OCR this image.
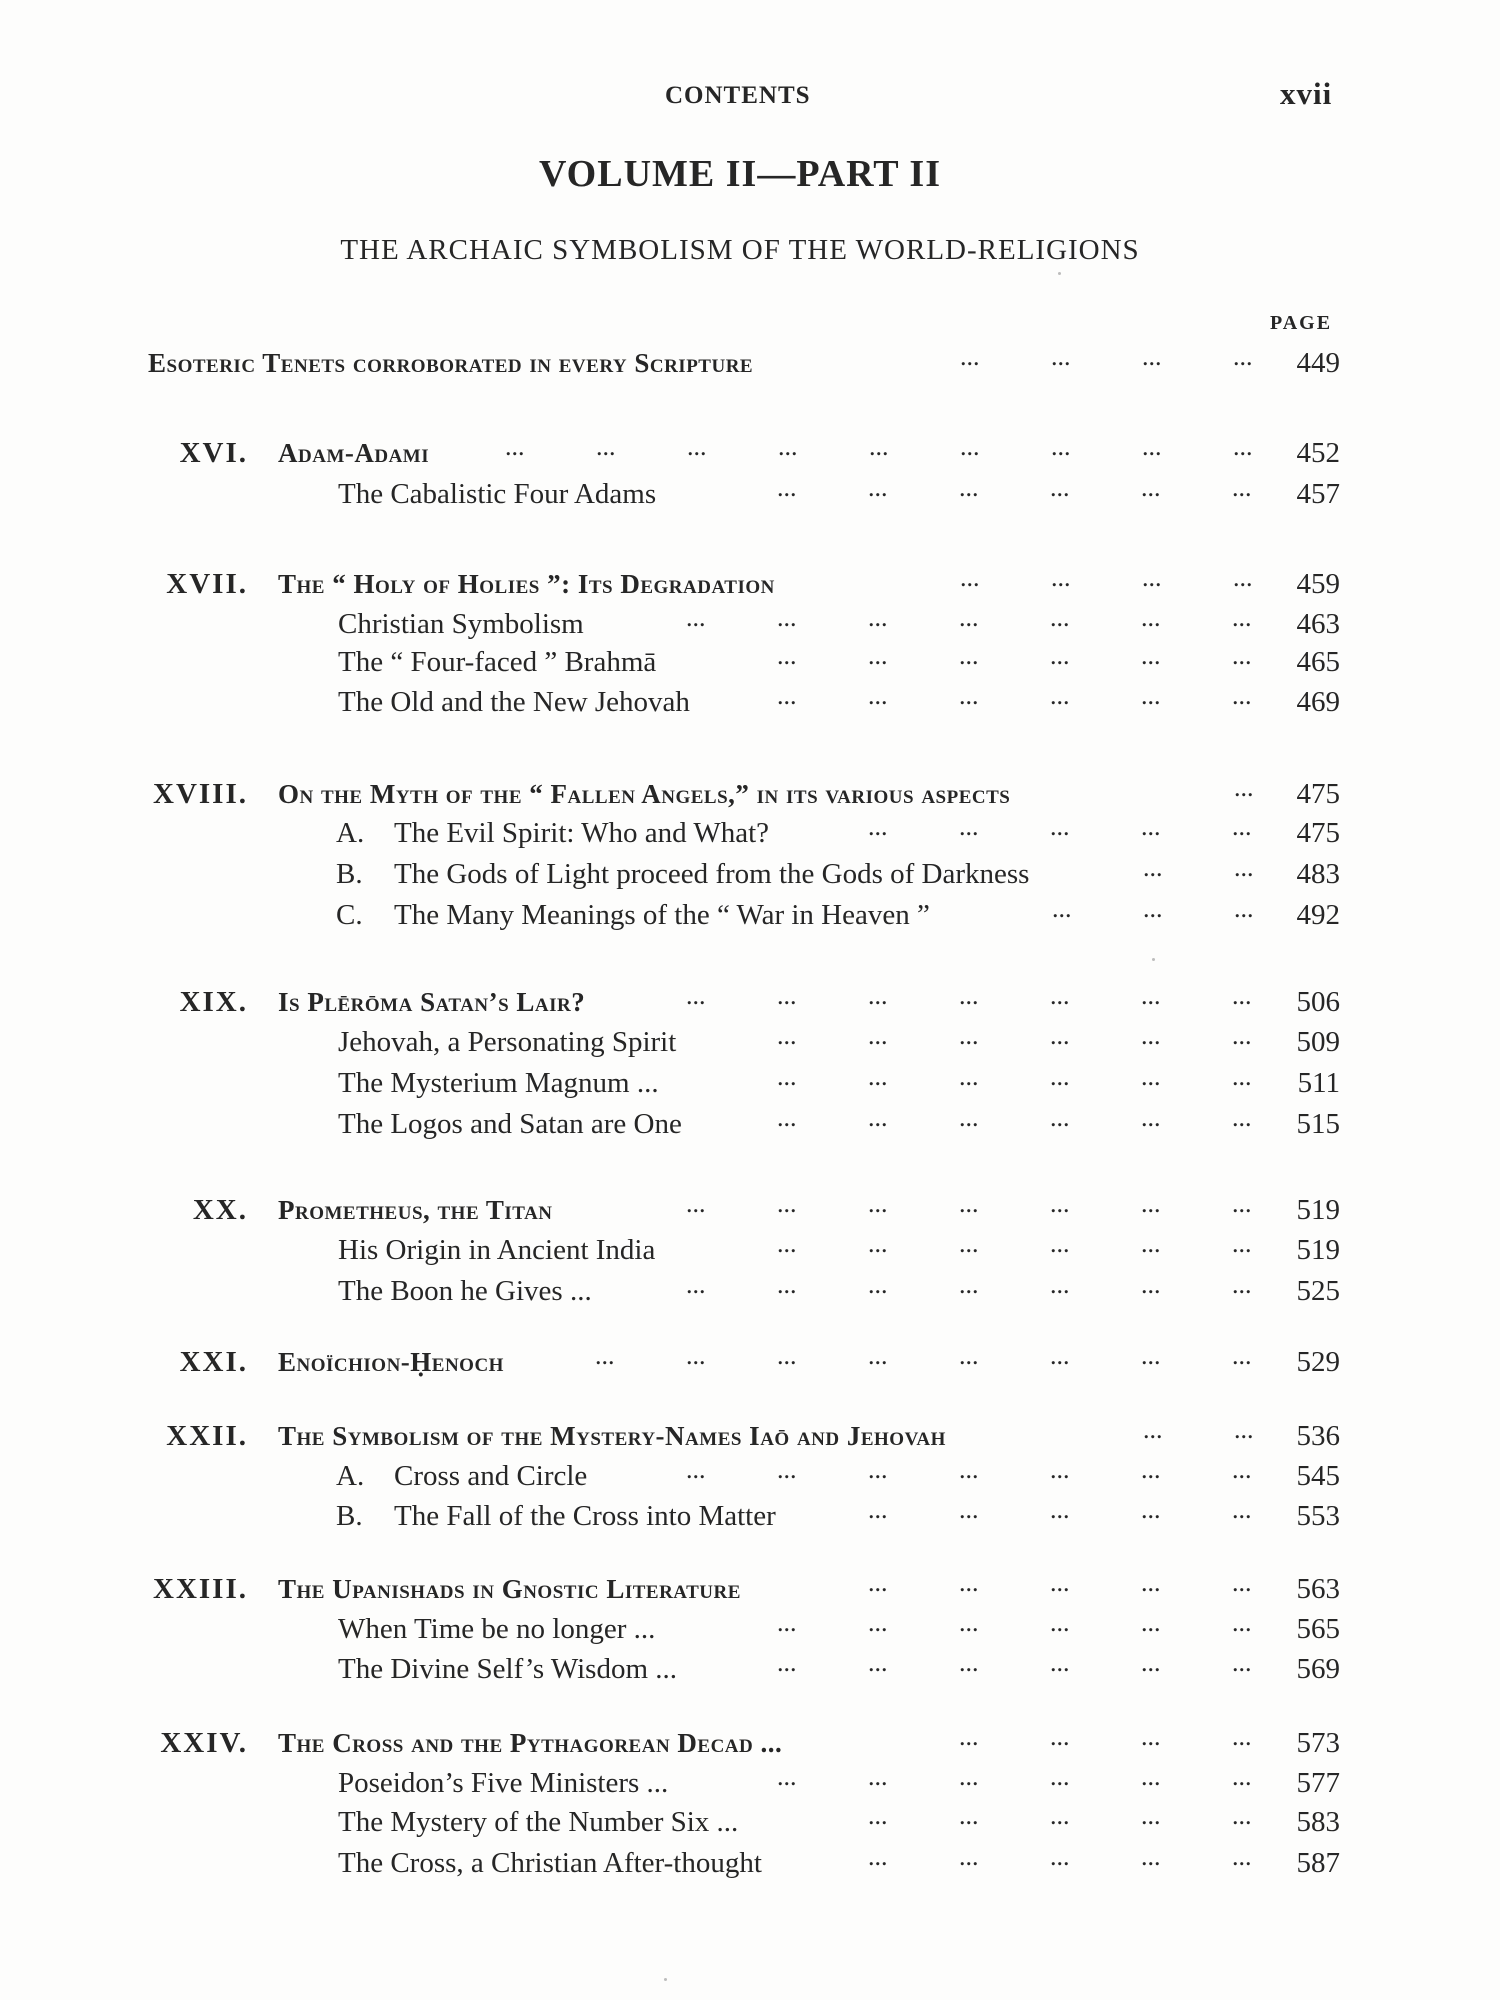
CONTENTS	xvii
VOLUME II—PART II
THE ARCHAIC SYMBOLISM OF THE WORLD-RELIGIONS
PAGE
Esoteric Tenets corroborated in every Scripture	...	...	...	...	449
XVI. Adam-Adami	...	...	...	...	...	...	...	...	...	452
The Cabalistic Four Adams	...	...	...	...	...	...	457
XVII. The “ Holy of Holies ”: Its Degradation	...	...	...	...	459
Christian Symbolism	...	...	...	...	...	...	...	463
The “ Four-faced ” Brahmā	...	...	...	...	...	...	465
The Old and the New Jehovah	...	...	...	...	...	...	469
XVIII. On the Myth of the “ Fallen Angels,” in its various aspects	...	475
A. The Evil Spirit: Who and What?	...	...	...	...	...	475
B. The Gods of Light proceed from the Gods of Darkness	...	...	483
C. The Many Meanings of the “ War in Heaven ”	...	...	...	492
XIX. Is Plērōma Satan’s Lair?	...	...	...	...	...	...	...	506
Jehovah, a Personating Spirit	...	...	...	...	...	...	509
The Mysterium Magnum ...	...	...	...	...	...	...	511
The Logos and Satan are One	...	...	...	...	...	...	515
XX. Prometheus, the Titan	...	...	...	...	...	...	...	519
His Origin in Ancient India	...	...	...	...	...	...	519
The Boon he Gives ...	...	...	...	...	...	...	...	525
XXI. Enoïchion-Ḥenoch	...	...	...	...	...	...	...	...	529
XXII. The Symbolism of the Mystery-Names Iaō and Jehovah	...	...	536
A. Cross and Circle	...	...	...	...	...	...	...	545
B. The Fall of the Cross into Matter	...	...	...	...	...	553
XXIII. The Upanishads in Gnostic Literature	...	...	...	...	...	563
When Time be no longer ...	...	...	...	...	...	...	565
The Divine Self’s Wisdom ...	...	...	...	...	...	...	569
XXIV. The Cross and the Pythagorean Decad ...	...	...	...	...	573
Poseidon’s Five Ministers ...	...	...	...	...	...	...	577
The Mystery of the Number Six ...	...	...	...	...	...	583
The Cross, a Christian After-thought	...	...	...	...	...	587
